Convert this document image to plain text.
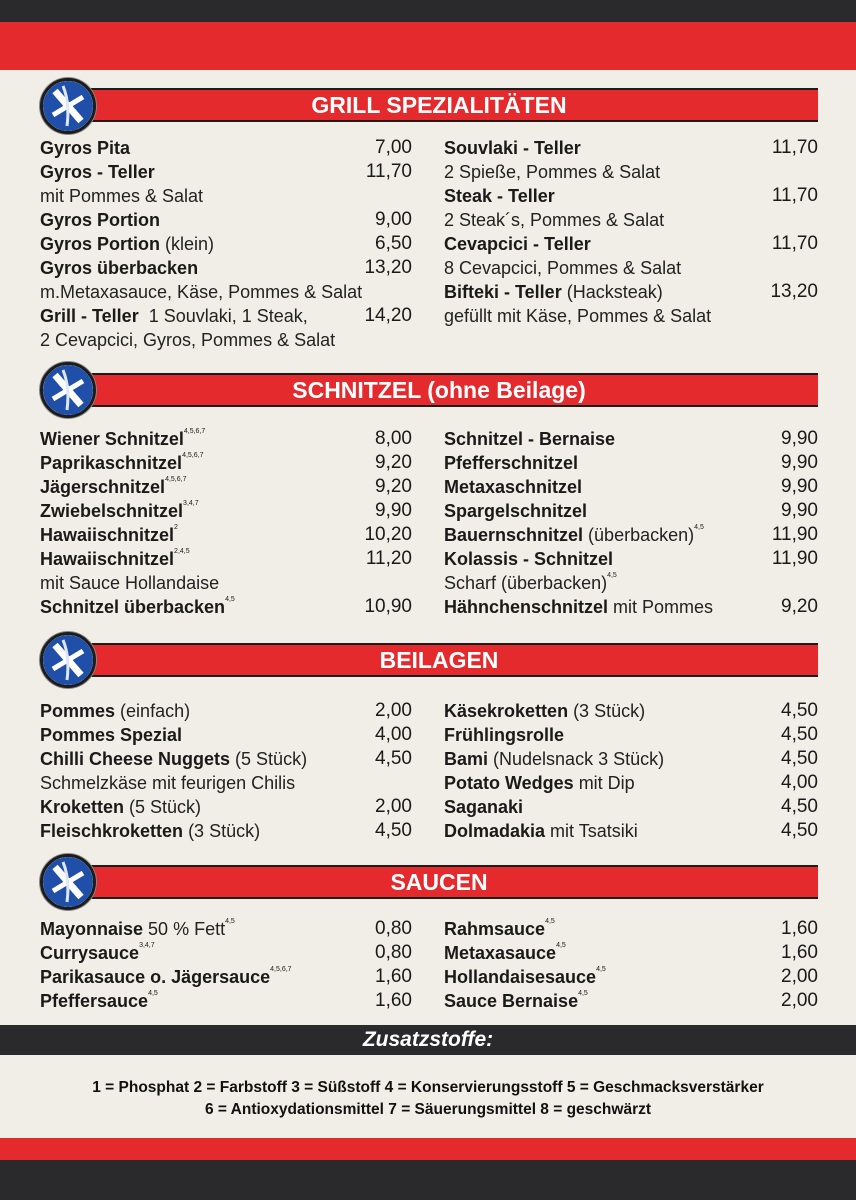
GRILL SPEZIALITÄTEN
Gyros Pita	7,00
Gyros - Teller	11,70
mit Pommes & Salat
Gyros Portion	9,00
Gyros Portion (klein)	6,50
Gyros überbacken	13,20
m.Metaxasauce, Käse, Pommes & Salat
Grill - Teller  1 Souvlaki, 1 Steak,	14,20
2 Cevapcici, Gyros, Pommes & Salat
Souvlaki - Teller	11,70
2 Spieße, Pommes & Salat
Steak - Teller	11,70
2 Steak´s, Pommes & Salat
Cevapcici - Teller	11,70
8 Cevapcici, Pommes & Salat
Bifteki - Teller (Hacksteak)	13,20
gefüllt mit Käse, Pommes & Salat
SCHNITZEL (ohne Beilage)
Wiener Schnitzel$^{4,5,6,7}$	8,00
Paprikaschnitzel$^{4,5,6,7}$	9,20
Jägerschnitzel$^{4,5,6,7}$	9,20
Zwiebelschnitzel$^{3,4,7}$	9,90
Hawaiischnitzel$^2$	10,20
Hawaiischnitzel$^{2,4,5}$	11,20
mit Sauce Hollandaise
Schnitzel überbacken$^{4,5}$	10,90
Schnitzel - Bernaise	9,90
Pfefferschnitzel	9,90
Metaxaschnitzel	9,90
Spargelschnitzel	9,90
Bauernschnitzel (überbacken)$^{4,5}$	11,90
Kolassis - Schnitzel	11,90
Scharf (überbacken)$^{4,5}$
Hähnchenschnitzel mit Pommes	9,20
BEILAGEN
Pommes (einfach)	2,00
Pommes Spezial	4,00
Chilli Cheese Nuggets (5 Stück)	4,50
Schmelzkäse mit feurigen Chilis
Kroketten (5 Stück)	2,00
Fleischkroketten (3 Stück)	4,50
Käsekroketten (3 Stück)	4,50
Frühlingsrolle	4,50
Bami (Nudelsnack 3 Stück)	4,50
Potato Wedges mit Dip	4,00
Saganaki	4,50
Dolmadakia mit Tsatsiki	4,50
SAUCEN
Mayonnaise 50 % Fett$^{4,5}$	0,80
Currysauce$^{3,4,7}$	0,80
Parikasauce o. Jägersauce$^{4,5,6,7}$	1,60
Pfeffersauce$^{4,5}$	1,60
Rahmsauce$^{4,5}$	1,60
Metaxasauce$^{4,5}$	1,60
Hollandaisesauce$^{4,5}$	2,00
Sauce Bernaise$^{4,5}$	2,00
Zusatzstoffe:
1 = Phosphat 2 = Farbstoff 3 = Süßstoff 4 = Konservierungsstoff 5 = Geschmacksverstärker
6 = Antioxydationsmittel 7 = Säuerungsmittel 8 = geschwärzt
